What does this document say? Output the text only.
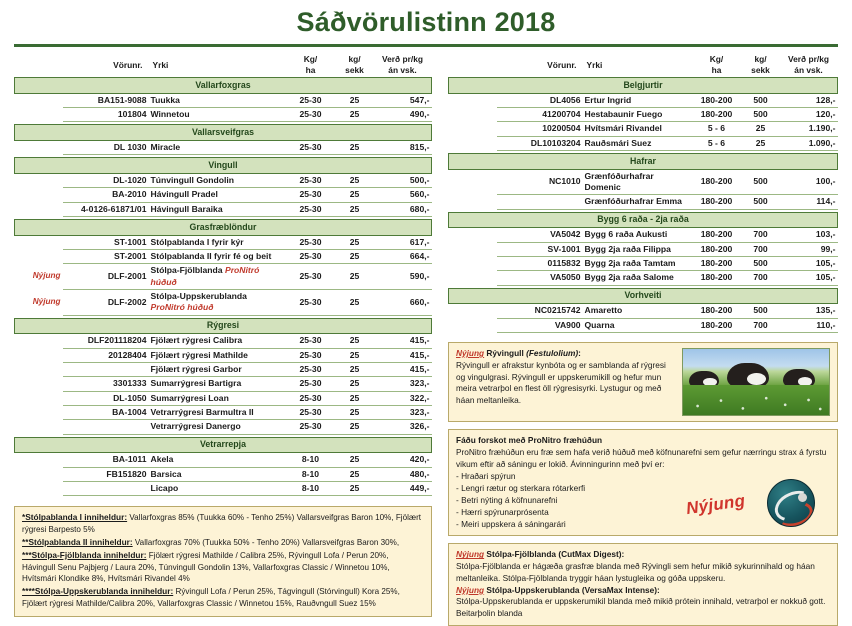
Sáðvörulistinn 2018
	Vörunr.	Yrki	Kg/
ha	kg/
sekk	Verð pr/kg
án vsk.

Vallarfoxgras					
	BA151-9088	Tuukka	25-30	25	547,-
	101804	Winnetou	25-30	25	490,-

Vallarsveifgras					
	DL 1030	Miracle	25-30	25	815,-

Vingull					
	DL-1020	Túnvingull Gondolin	25-30	25	500,-
	BA-2010	Hávingull Pradel	25-30	25	560,-
	4-0126-61871/01	Hávingull Baraika	25-30	25	680,-

Grasfræblöndur					
	ST-1001	Stólpablanda I fyrir kýr	25-30	25	617,-
	ST-2001	Stólpablanda II fyrir fé og beit	25-30	25	664,-
Nýjung	DLF-2001	Stólpa-Fjölblanda ProNitró húðuð	25-30	25	590,-
Nýjung	DLF-2002	Stólpa-Uppskerublanda ProNitró húðuð	25-30	25	660,-

Rýgresi					
	DLF201118204	Fjölært rýgresi Calibra	25-30	25	415,-
	20128404	Fjölært rýgresi Mathilde	25-30	25	415,-
		Fjölært rýgresi Garbor	25-30	25	415,-
	3301333	Sumarrýgresi Bartigra	25-30	25	323,-
	DL-1050	Sumarrýgresi Loan	25-30	25	322,-
	BA-1004	Vetrarrýgresi Barmultra II	25-30	25	323,-
		Vetrarrýgresi Danergo	25-30	25	326,-

Vetrarrepja					
	BA-1011	Akela	8-10	25	420,-
	FB151820	Barsica	8-10	25	480,-
		Licapo	8-10	25	449,-

*Stólpablanda I inniheldur: Vallarfoxgras 85% (Tuukka 60% - Tenho 25%) Vallarsveifgras Baron 10%, Fjölært rýgresi Barpesto 5%

**Stólpablanda II inniheldur: Vallarfoxgras 70% (Tuukka 50% - Tenho 20%) Vallarsveifgras Baron 30%,

***Stólpa-Fjölblanda inniheldur: Fjölært rýgresi Mathilde / Calibra 25%, Rývingull Lofa / Perun 20%, Hávingull Senu Pajbjerg / Laura 20%, Túnvingull Gondolin 13%, Vallarfoxgras Classic / Winnetou 10%, Hvítsmári Klondike 8%, Hvítsmári Rivandel 4%

****Stólpa-Uppskerublanda inniheldur: Rývingull Lofa / Perun 25%, Tágvingull (Stórvingull) Kora 25%, Fjölært rýgresi Mathilde/Calibra 20%, Vallarfoxgras Classic / Winnetou 15%, Rauðvngull Suez 15%

	Vörunr.	Yrki	Kg/
ha	kg/
sekk	Verð pr/kg
án vsk.

Belgjurtir					
	DL4056	Ertur Ingrid	180-200	500	128,-
	41200704	Hestabaunir Fuego	180-200	500	120,-
	10200504	Hvítsmári Rivandel	5 - 6	25	1.190,-
	DL10103204	Rauðsmári Suez	5 - 6	25	1.090,-

Hafrar					
	NC1010	Grænfóðurhafrar Domenic	180-200	500	100,-
		Grænfóðurhafrar Emma	180-200	500	114,-

Bygg 6 raða - 2ja raða					
	VA5042	Bygg 6 raða Aukusti	180-200	700	103,-
	SV-1001	Bygg 2ja raða Filippa	180-200	700	99,-
	0115832	Bygg 2ja raða Tamtam	180-200	500	105,-
	VA5050	Bygg 2ja raða Salome	180-200	700	105,-

Vorhveiti					
	NC0215742	Amaretto	180-200	500	135,-
	VA900	Quarna	180-200	700	110,-

Nýjung Rývingull (Festulolium):

Rývingull er afrakstur kynbóta og er samblanda af rýgresi og vingulgrasi. Rývingull er uppskerumikill og hefur mun meira vetrarþol en flest öll rýgresisyrki. Lystugur og með háan meltanleika.

Fáðu forskot með ProNitro fræhúðun

ProNitro fræhúðun eru fræ sem hafa verið húðuð með köfnunarefni sem gefur nærringu strax á fyrstu vikum eftir að sáningu er lokið. Ávinningurinn með því er:

- Hraðari spýrun

- Lengri rætur og sterkara rótarkerfi

- Betri nýting á köfnunarefni

- Hærri spýrunarprósenta

- Meiri uppskera á sáningarári

Nýjung

Nýjung Stólpa-Fjölblanda (CutMax Digest):

Stólpa-Fjölblanda er hágæða grasfræ blanda með Rývingli sem hefur mikið sykurinnihald og háan meltanleika. Stólpa-Fjölblanda tryggir háan lystugleika og góða uppskeru.

Nýjung Stólpa-Uppskerublanda (VersaMax Intense):

Stólpa-Uppskerublanda er uppskerumikil blanda með mikið prótein innihald, vetrarþol er nokkuð gott. Beitarþolin blanda
